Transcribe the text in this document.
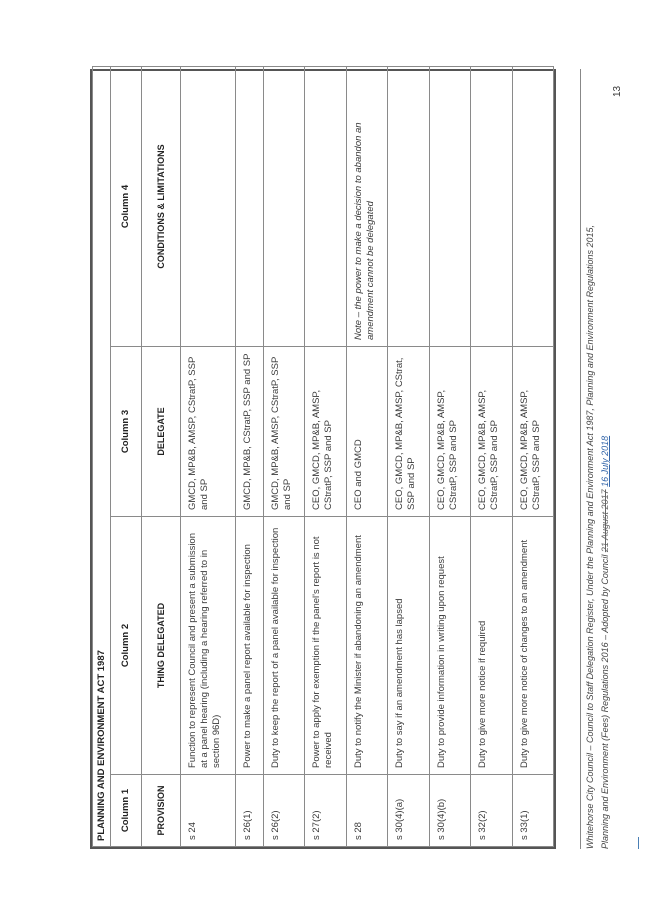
PLANNING AND ENVIRONMENT ACT 1987			
Column 1	Column 2	Column 3	Column 4
PROVISION	THING DELEGATED	DELEGATE	CONDITIONS & LIMITATIONS
s 24	Function to represent Council and present a submission at a panel hearing (including a hearing referred to in section 96D)	GMCD, MP&B, AMSP, CStratP, SSP and SP	
s 26(1)	Power to make a panel report available for inspection	GMCD, MP&B, CStratP, SSP and SP	
s 26(2)	Duty to keep the report of a panel available for inspection	GMCD, MP&B, AMSP, CStratP, SSP and SP	
s 27(2)	Power to apply for exemption if the panel's report is not received	CEO, GMCD, MP&B, AMSP, CStratP, SSP and SP	
s 28	Duty to notify the Minister if abandoning an amendment	CEO and GMCD	Note – the power to make a decision to abandon an amendment cannot be delegated
s 30(4)(a)	Duty to say if an amendment has lapsed	CEO, GMCD, MP&B, AMSP, CStrat, SSP and SP	
s 30(4)(b)	Duty to provide information in writing upon request	CEO, GMCD, MP&B, AMSP, CStratP, SSP and SP	
s 32(2)	Duty to give more notice if required	CEO, GMCD, MP&B, AMSP, CStratP, SSP and SP	
s 33(1)	Duty to give more notice of changes to an amendment	CEO, GMCD, MP&B, AMSP, CStratP, SSP and SP		Whitehorse City Council – Council to Staff Delegation Register, Under the Planning and Environment Act 1987, Planning and Environment Regulations 2015, Planning and Environment (Fees) Regulations 2016 – Adopted by Council 21 August 2017 16 July 2018

13
